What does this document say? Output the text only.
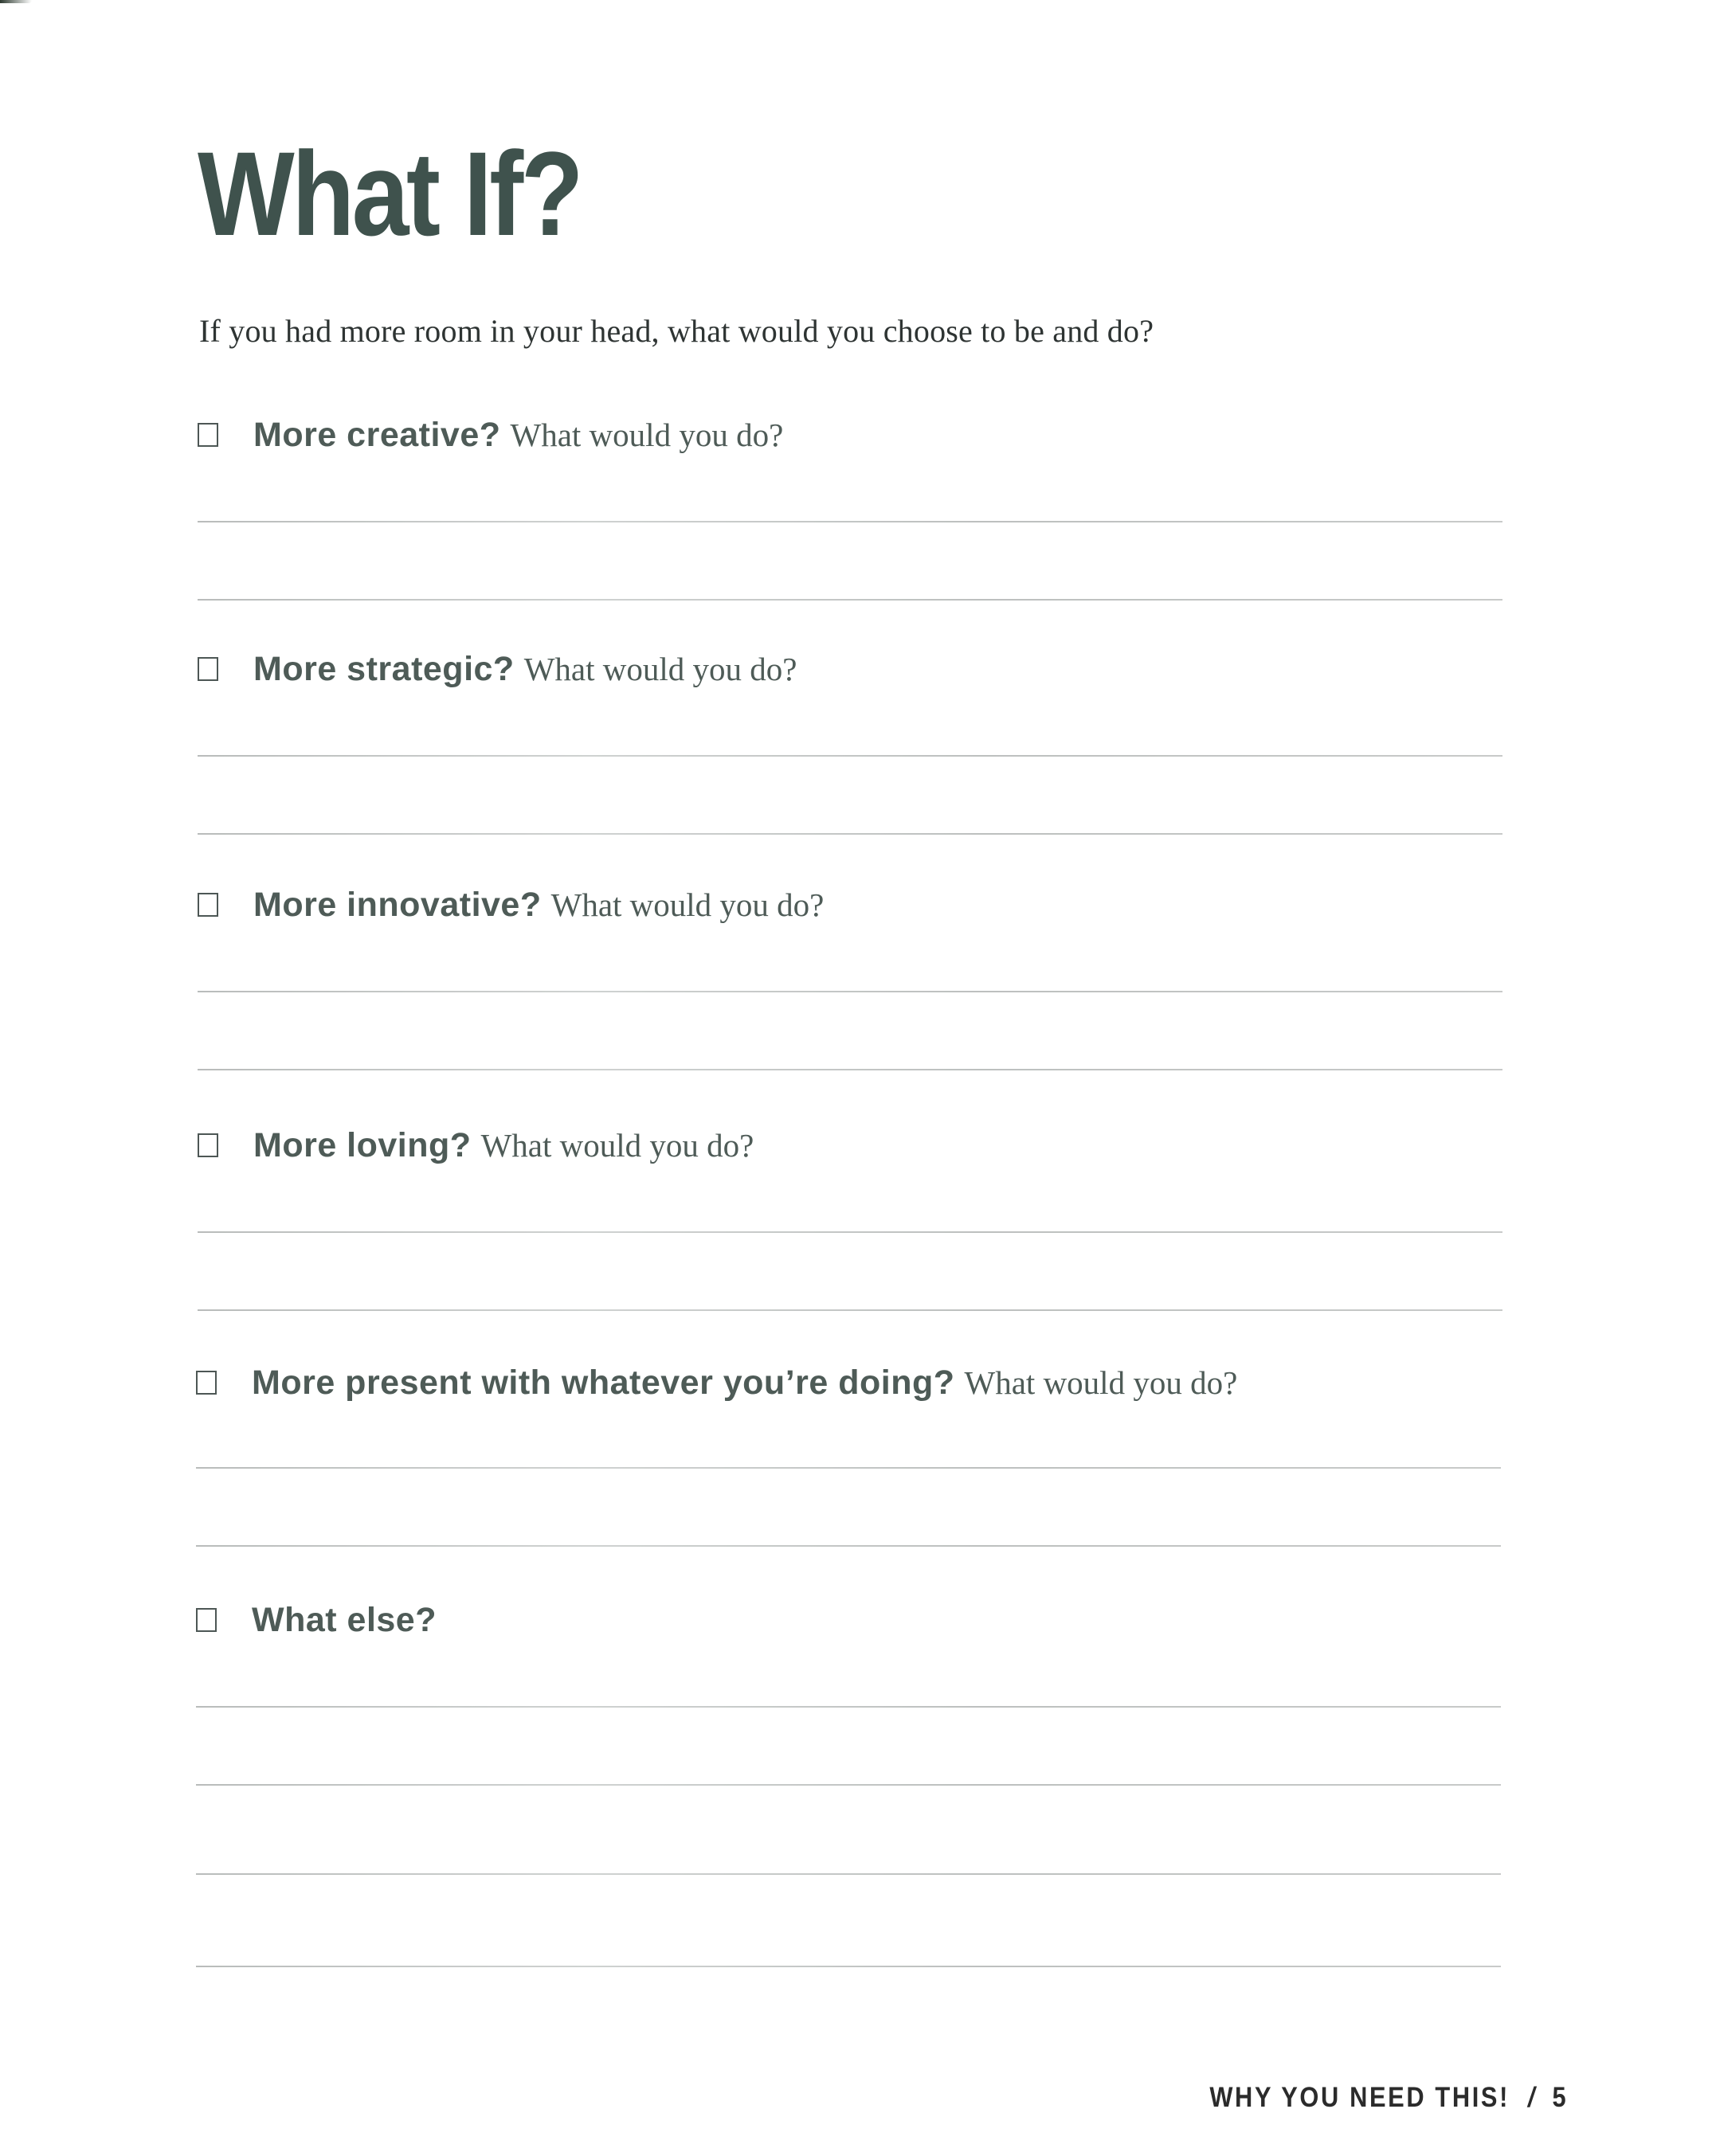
What If?

If you had more room in your head, what would you choose to be and do?

More creative? What would you do?
More strategic? What would you do?
More innovative? What would you do?
More loving? What would you do?
More present with whatever you’re doing? What would you do?
What else?
WHY YOU NEED THIS! / 5
